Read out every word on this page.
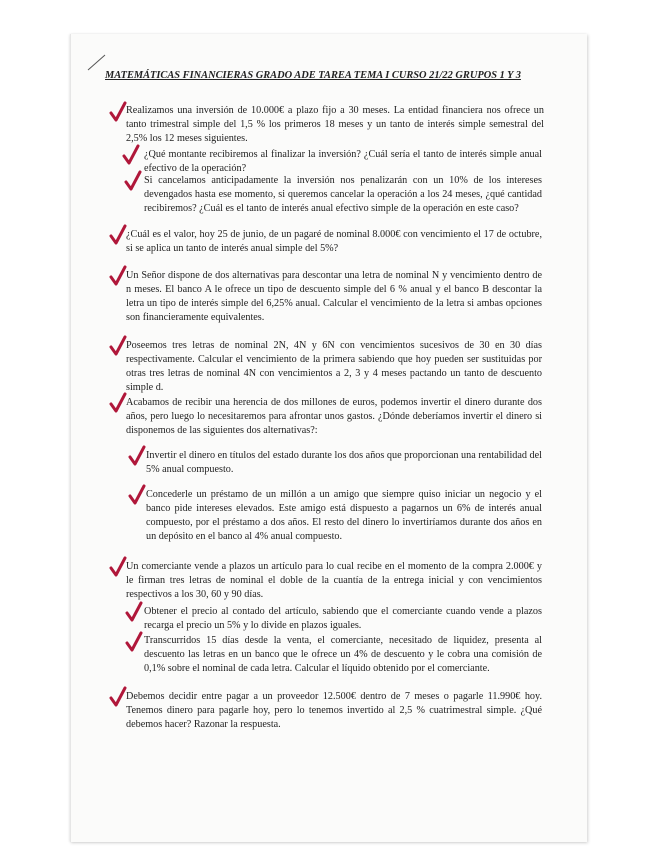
MATEMÁTICAS FINANCIERAS GRADO ADE TAREA TEMA I CURSO 21/22 GRUPOS 1 Y 3

Realizamos una inversión de 10.000€ a plazo fijo a 30 meses. La entidad financiera nos ofrece un tanto trimestral simple del 1,5 % los primeros 18 meses y un tanto de interés simple semestral del 2,5% los 12 meses siguientes.

¿Qué montante recibiremos al finalizar la inversión? ¿Cuál sería el tanto de interés simple anual efectivo de la operación?

Si cancelamos anticipadamente la inversión nos penalizarán con un 10% de los intereses devengados hasta ese momento, si queremos cancelar la operación a los 24 meses, ¿qué cantidad recibiremos? ¿Cuál es el tanto de interés anual efectivo simple de la operación en este caso?

¿Cuál es el valor, hoy 25 de junio, de un pagaré de nominal 8.000€ con vencimiento el 17 de octubre, si se aplica un tanto de interés anual simple del 5%?

Un Señor dispone de dos alternativas para descontar una letra de nominal N y vencimiento dentro de n meses. El banco A le ofrece un tipo de descuento simple del 6 % anual y el banco B descontar la letra un tipo de interés simple del 6,25% anual. Calcular el vencimiento de la letra si ambas opciones son financieramente equivalentes.

Poseemos tres letras de nominal 2N, 4N y 6N con vencimientos sucesivos de 30 en 30 días respectivamente. Calcular el vencimiento de la primera sabiendo que hoy pueden ser sustituidas por otras tres letras de nominal 4N con vencimientos a 2, 3 y 4 meses pactando un tanto de descuento simple d.

Acabamos de recibir una herencia de dos millones de euros, podemos invertir el dinero durante dos años, pero luego lo necesitaremos para afrontar unos gastos. ¿Dónde deberíamos invertir el dinero si disponemos de las siguientes dos alternativas?:

Invertir el dinero en títulos del estado durante los dos años que proporcionan una rentabilidad del 5% anual compuesto.

Concederle un préstamo de un millón a un amigo que siempre quiso iniciar un negocio y el banco pide intereses elevados. Este amigo está dispuesto a pagarnos un 6% de interés anual compuesto, por el préstamo a dos años. El resto del dinero lo invertiríamos durante dos años en un depósito en el banco al 4% anual compuesto.

Un comerciante vende a plazos un artículo para lo cual recibe en el momento de la compra 2.000€ y le firman tres letras de nominal el doble de la cuantía de la entrega inicial y con vencimientos respectivos a los 30, 60 y 90 días.

Obtener el precio al contado del artículo, sabiendo que el comerciante cuando vende a plazos recarga el precio un 5% y lo divide en plazos iguales.

Transcurridos 15 días desde la venta, el comerciante, necesitado de liquidez, presenta al descuento las letras en un banco que le ofrece un 4% de descuento y le cobra una comisión de 0,1% sobre el nominal de cada letra. Calcular el líquido obtenido por el comerciante.

Debemos decidir entre pagar a un proveedor 12.500€ dentro de 7 meses o pagarle 11.990€ hoy. Tenemos dinero para pagarle hoy, pero lo tenemos invertido al 2,5 % cuatrimestral simple. ¿Qué debemos hacer? Razonar la respuesta.
